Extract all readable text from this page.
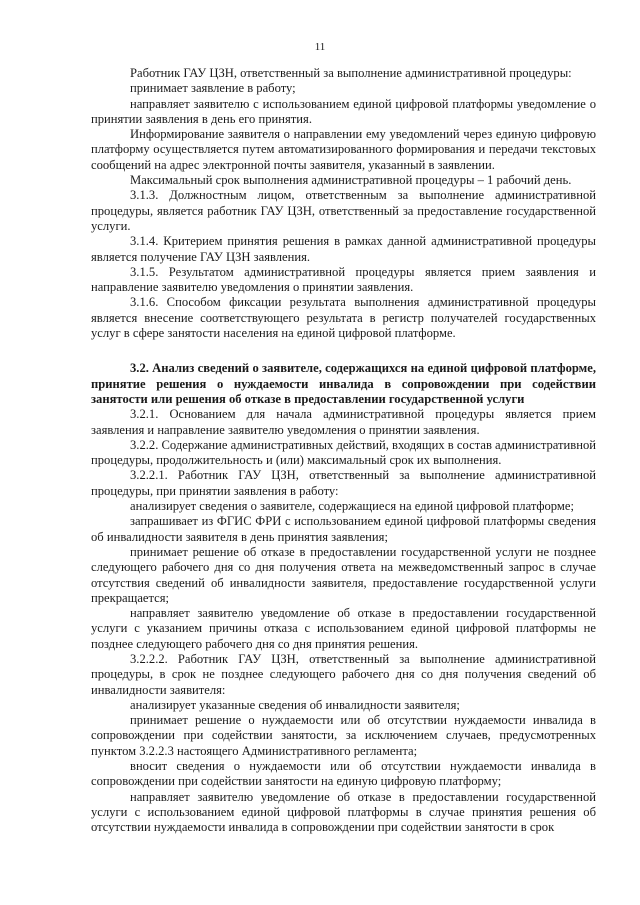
11

Работник ГАУ ЦЗН, ответственный за выполнение административной процедуры:

принимает заявление в работу;

направляет заявителю с использованием единой цифровой платформы уведомление о принятии заявления в день его принятия.

Информирование заявителя о направлении ему уведомлений через единую цифровую платформу осуществляется путем автоматизированного формирования и передачи текстовых сообщений на адрес электронной почты заявителя, указанный в заявлении.

Максимальный срок выполнения административной процедуры – 1 рабочий день.

3.1.3. Должностным лицом, ответственным за выполнение административной процедуры, является работник ГАУ ЦЗН, ответственный за предоставление государственной услуги.

3.1.4. Критерием принятия решения в рамках данной административной процедуры является получение ГАУ ЦЗН заявления.

3.1.5. Результатом административной процедуры является прием заявления и направление заявителю уведомления о принятии заявления.

3.1.6. Способом фиксации результата выполнения административной процедуры является внесение соответствующего результата в регистр получателей государственных услуг в сфере занятости населения на единой цифровой платформе.

3.2. Анализ сведений о заявителе, содержащихся на единой цифровой платформе, принятие решения о нуждаемости инвалида в сопровождении при содействии занятости или решения об отказе в предоставлении государственной услуги

3.2.1. Основанием для начала административной процедуры является прием заявления и направление заявителю уведомления о принятии заявления.

3.2.2. Содержание административных действий, входящих в состав административной процедуры, продолжительность и (или) максимальный срок их выполнения.

3.2.2.1. Работник ГАУ ЦЗН, ответственный за выполнение административной процедуры, при принятии заявления в работу:

анализирует сведения о заявителе, содержащиеся на единой цифровой платформе;

запрашивает из ФГИС ФРИ с использованием единой цифровой платформы сведения об инвалидности заявителя в день принятия заявления;

принимает решение об отказе в предоставлении государственной услуги не позднее следующего рабочего дня со дня получения ответа на межведомственный запрос в случае отсутствия сведений об инвалидности заявителя, предоставление государственной услуги прекращается;

направляет заявителю уведомление об отказе в предоставлении государственной услуги с указанием причины отказа с использованием единой цифровой платформы не позднее следующего рабочего дня со дня принятия решения.

3.2.2.2. Работник ГАУ ЦЗН, ответственный за выполнение административной процедуры, в срок не позднее следующего рабочего дня со дня получения сведений об инвалидности заявителя:

анализирует указанные сведения об инвалидности заявителя;

принимает решение о нуждаемости или об отсутствии нуждаемости инвалида в сопровождении при содействии занятости, за исключением случаев, предусмотренных пунктом 3.2.2.3 настоящего Административного регламента;

вносит сведения о нуждаемости или об отсутствии нуждаемости инвалида в сопровождении при содействии занятости на единую цифровую платформу;

направляет заявителю уведомление об отказе в предоставлении государственной услуги с использованием единой цифровой платформы в случае принятия решения об отсутствии нуждаемости инвалида в сопровождении при содействии занятости в срок
